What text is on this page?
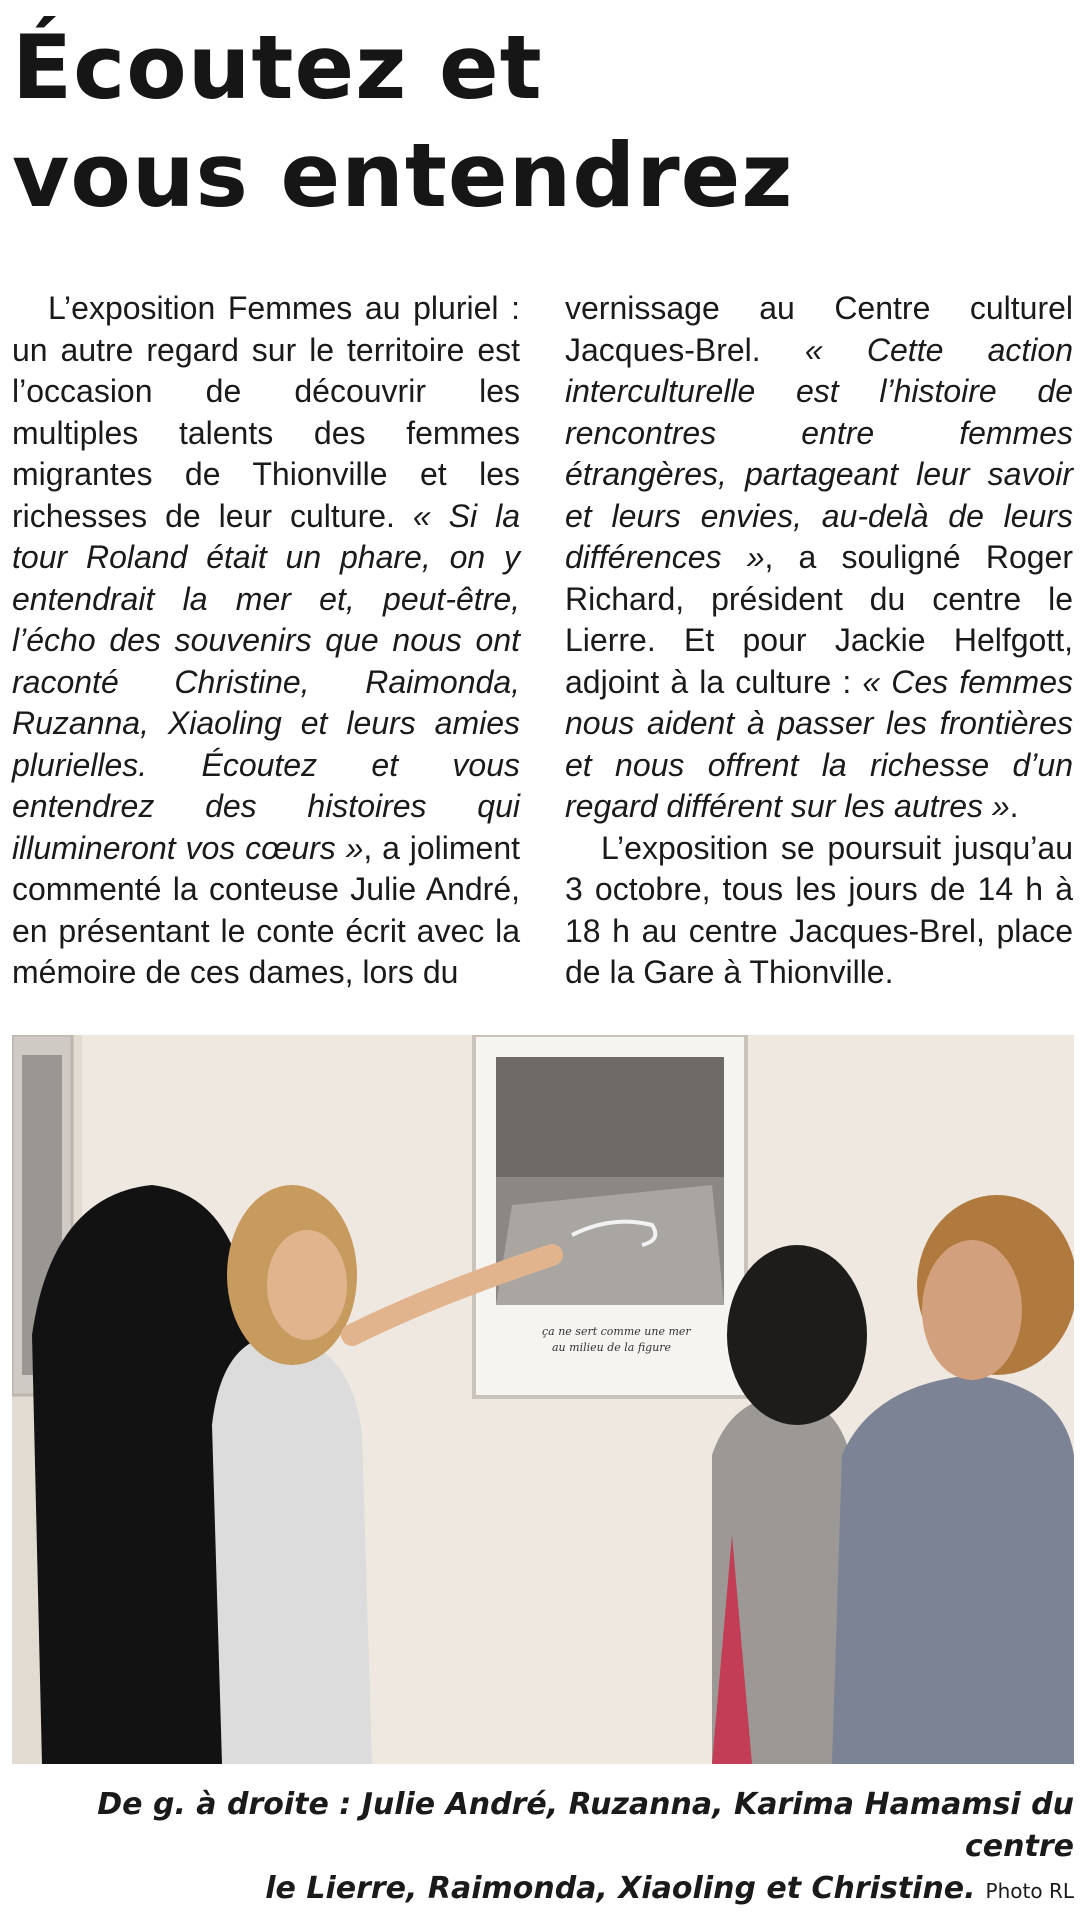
Écoutez et
vous entendrez

L’exposition Femmes au pluriel : un autre regard sur le territoire est l’occasion de découvrir les multiples talents des femmes migrantes de Thionville et les richesses de leur culture. « Si la tour Roland était un phare, on y entendrait la mer et, peut-être, l’écho des souvenirs que nous ont raconté Christine, Raimonda, Ruzanna, Xiaoling et leurs amies plurielles. Écoutez et vous entendrez des histoires qui illumineront vos cœurs », a joliment commenté la conteuse Julie André, en présentant le conte écrit avec la mémoire de ces dames, lors du

vernissage au Centre culturel Jacques-Brel. « Cette action interculturelle est l’histoire de rencontres entre femmes étrangères, partageant leur savoir et leurs envies, au-delà de leurs différences », a souligné Roger Richard, président du centre le Lierre. Et pour Jackie Helfgott, adjoint à la culture : « Ces femmes nous aident à passer les frontières et nous offrent la richesse d’un regard différent sur les autres ».

L’exposition se poursuit jusqu’au 3 octobre, tous les jours de 14 h à 18 h au centre Jacques-Brel, place de la Gare à Thionville.

ça ne sert comme une mer
au milieu de la figure
De g. à droite : Julie André, Ruzanna, Karima Hamamsi du centre
le Lierre, Raimonda, Xiaoling et Christine. Photo RL
